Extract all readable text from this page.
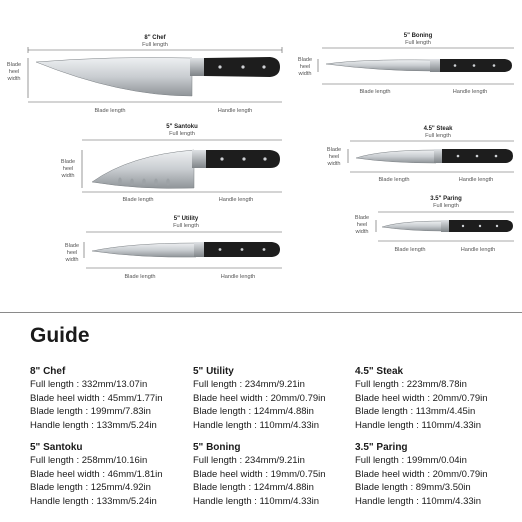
8" Chef
Full length
Blade
heel
width
Blade length	Handle length
5" Boning
Full length
Blade
heel
width
Blade length	Handle length
5" Santoku
Full length
Blade
heel
width
Blade length	Handle length
4.5" Steak
Full length
Blade
heel
width
Blade length	Handle length
5" Utility
Full length
Blade
heel
width
Blade length	Handle length
3.5" Paring
Full length
Blade
heel
width
Blade length	Handle length
Guide
8" Chef
Full length : 332mm/13.07in
Blade heel width : 45mm/1.77in
Blade length : 199mm/7.83in
Handle length : 133mm/5.24in
5" Santoku
Full length : 258mm/10.16in
Blade heel width : 46mm/1.81in
Blade length : 125mm/4.92in
Handle length : 133mm/5.24in
5" Utility
Full length : 234mm/9.21in
Blade heel width : 20mm/0.79in
Blade length : 124mm/4.88in
Handle length : 110mm/4.33in
5" Boning
Full length : 234mm/9.21in
Blade heel width : 19mm/0.75in
Blade length : 124mm/4.88in
Handle length : 110mm/4.33in
4.5" Steak
Full length : 223mm/8.78in
Blade heel width : 20mm/0.79in
Blade length : 113mm/4.45in
Handle length : 110mm/4.33in
3.5" Paring
Full length : 199mm/0.04in
Blade heel width : 20mm/0.79in
Blade length : 89mm/3.50in
Handle length : 110mm/4.33in
